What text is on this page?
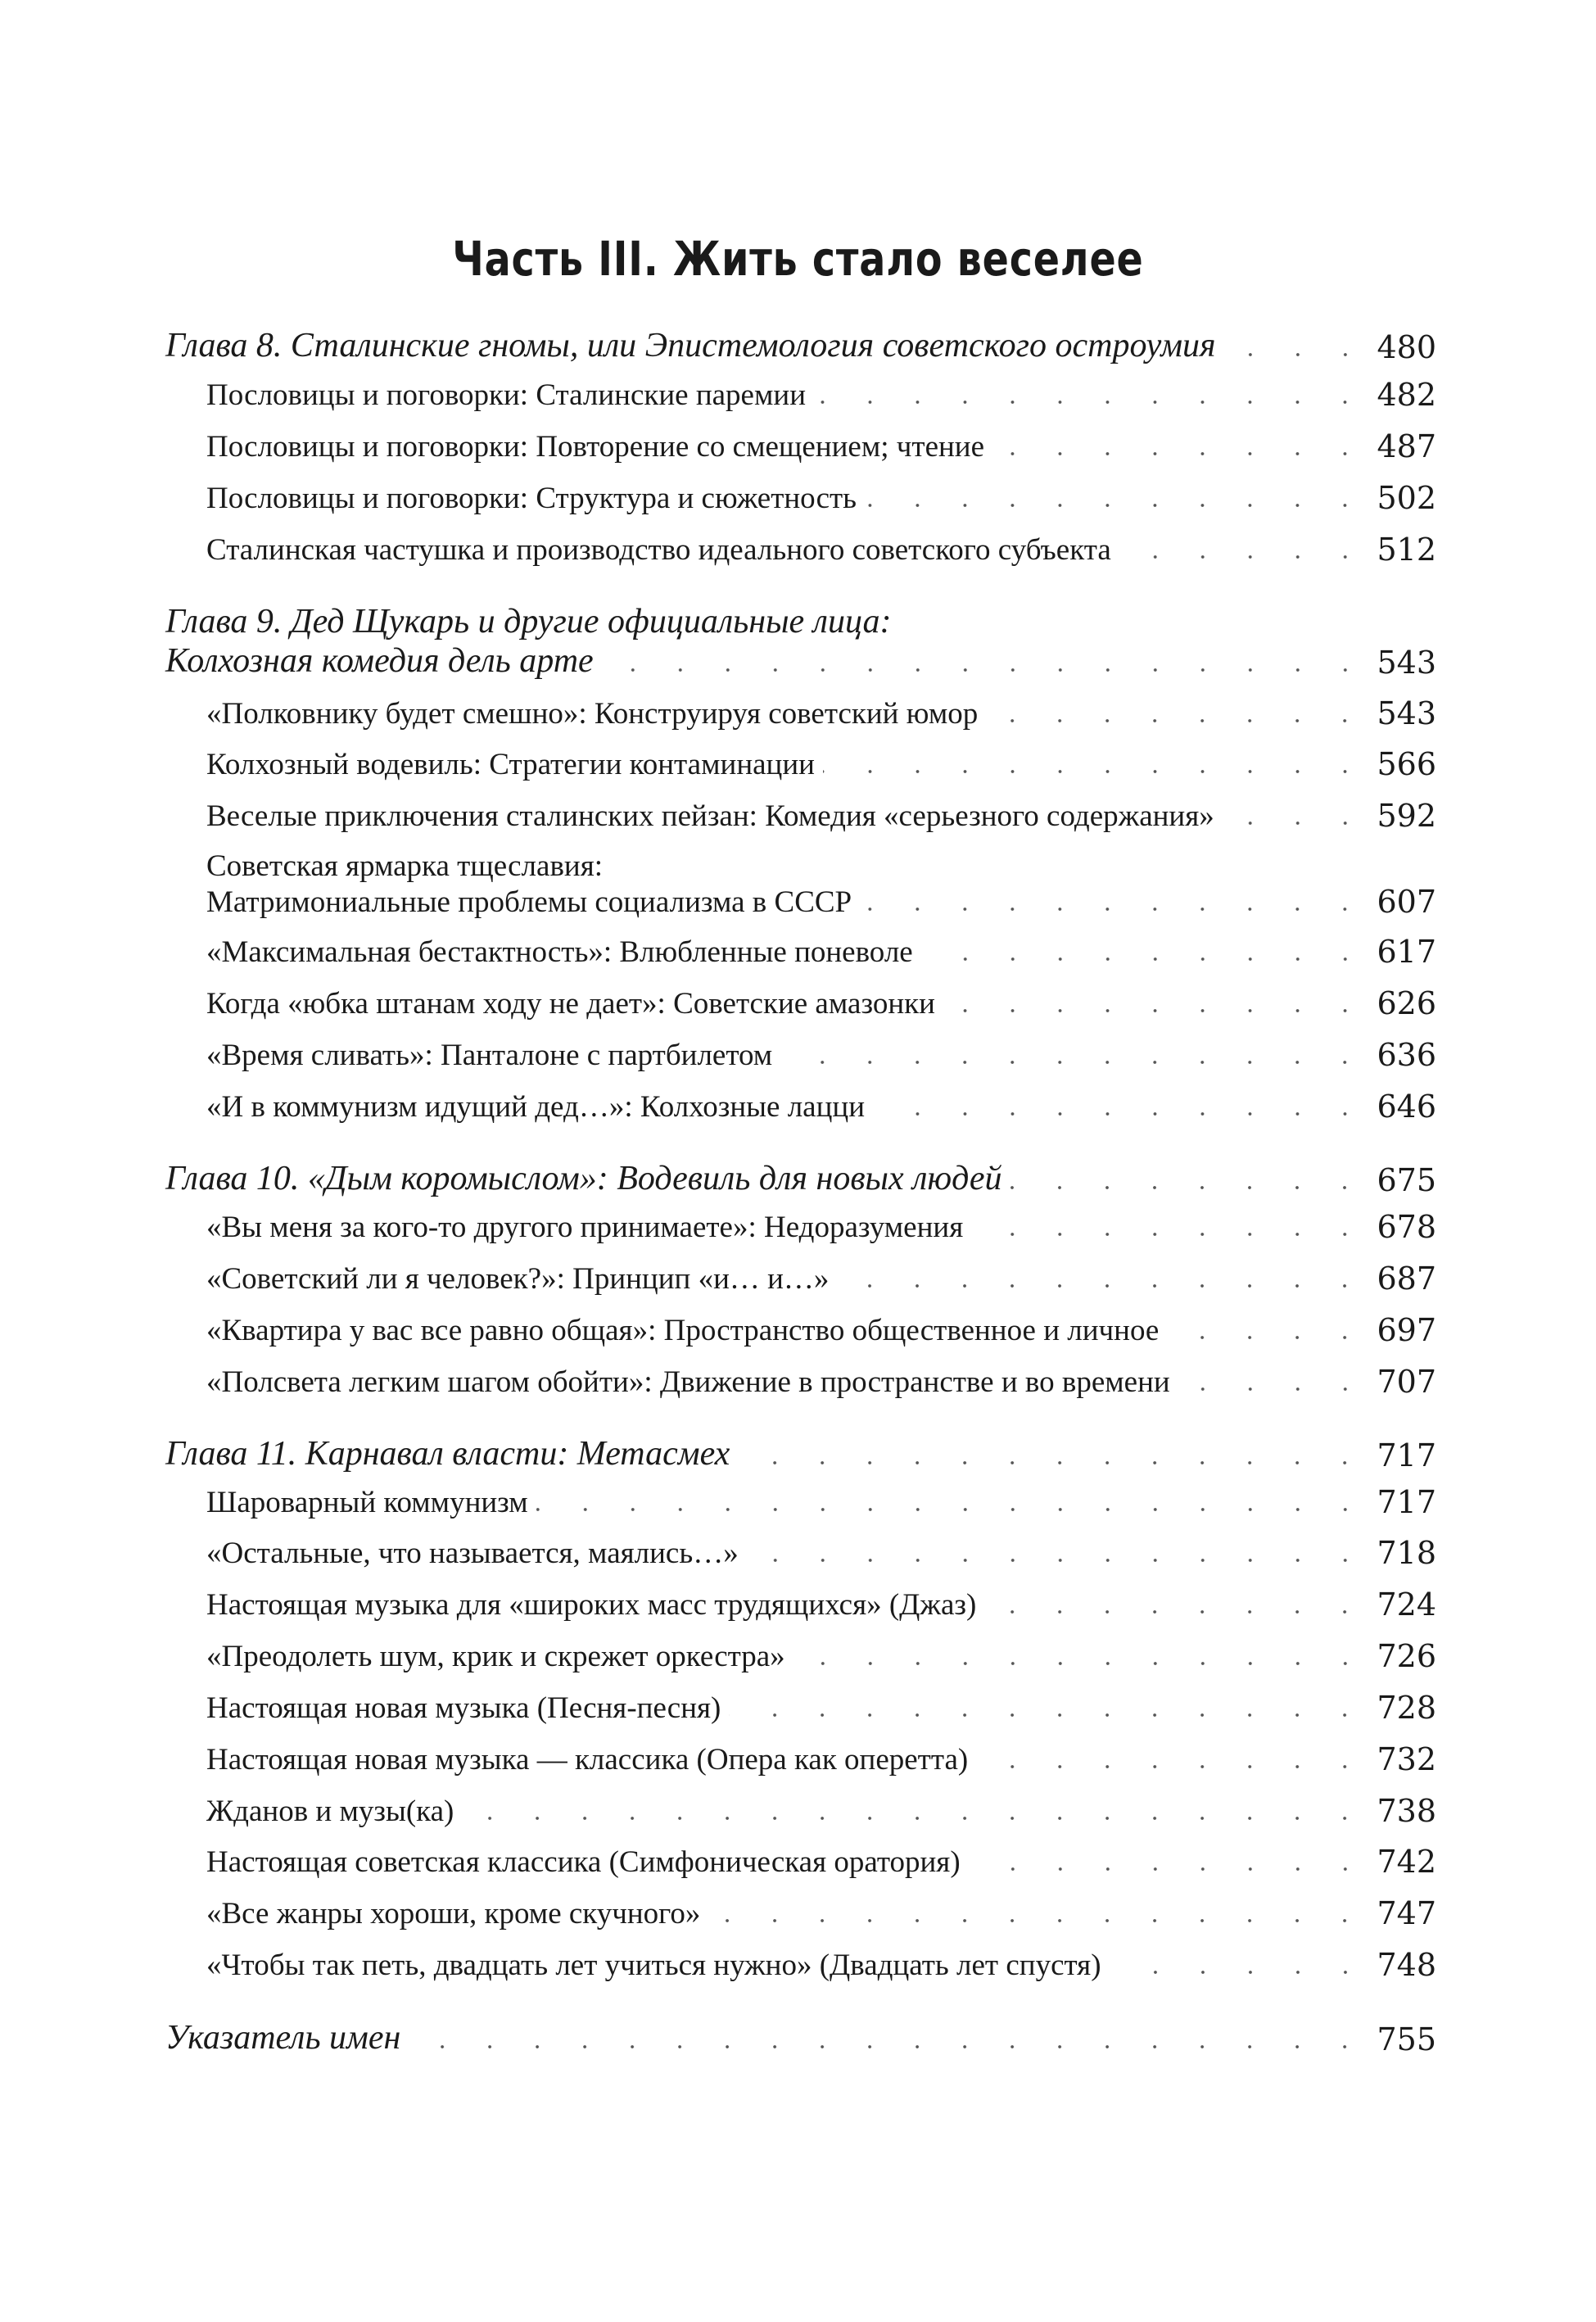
Часть III. Жить стало веселее
Глава 8. Сталинские гномы, или Эпистемология советского остроумия	480
Пословицы и поговорки: Сталинские паремии	482
Пословицы и поговорки: Повторение со смещением; чтение	487
Пословицы и поговорки: Структура и сюжетность	502
Сталинская частушка и производство идеального советского субъекта	512
Глава 9. Дед Щукарь и другие официальные лица:
Колхозная комедия дель арте	543
«Полковнику будет смешно»: Конструируя советский юмор	543
Колхозный водевиль: Стратегии контаминации	566
Веселые приключения сталинских пейзан: Комедия «серьезного содержания»	592
Советская ярмарка тщеславия:
Матримониальные проблемы социализма в СССР	607
«Максимальная бестактность»: Влюбленные поневоле	617
Когда «юбка штанам ходу не дает»: Советские амазонки	626
«Время сливать»: Панталоне с партбилетом	636
«И в коммунизм идущий дед…»: Колхозные лацци	646
Глава 10. «Дым коромыслом»: Водевиль для новых людей	675
«Вы меня за кого-то другого принимаете»: Недоразумения	678
«Советский ли я человек?»: Принцип «и… и…»	687
«Квартира у вас все равно общая»: Пространство общественное и личное	697
«Полсвета легким шагом обойти»: Движение в пространстве и во времени	707
Глава 11. Карнавал власти: Метасмех	717
Шароварный коммунизм	717
«Остальные, что называется, маялись…»	718
Настоящая музыка для «широких масс трудящихся» (Джаз)	724
«Преодолеть шум, крик и скрежет оркестра»	726
Настоящая новая музыка (Песня-песня)	728
Настоящая новая музыка — классика (Опера как оперетта)	732
Жданов и музы(ка)	738
Настоящая советская классика (Симфоническая оратория)	742
«Все жанры хороши, кроме скучного»	747
«Чтобы так петь, двадцать лет учиться нужно» (Двадцать лет спустя)	748
Указатель имен	755
